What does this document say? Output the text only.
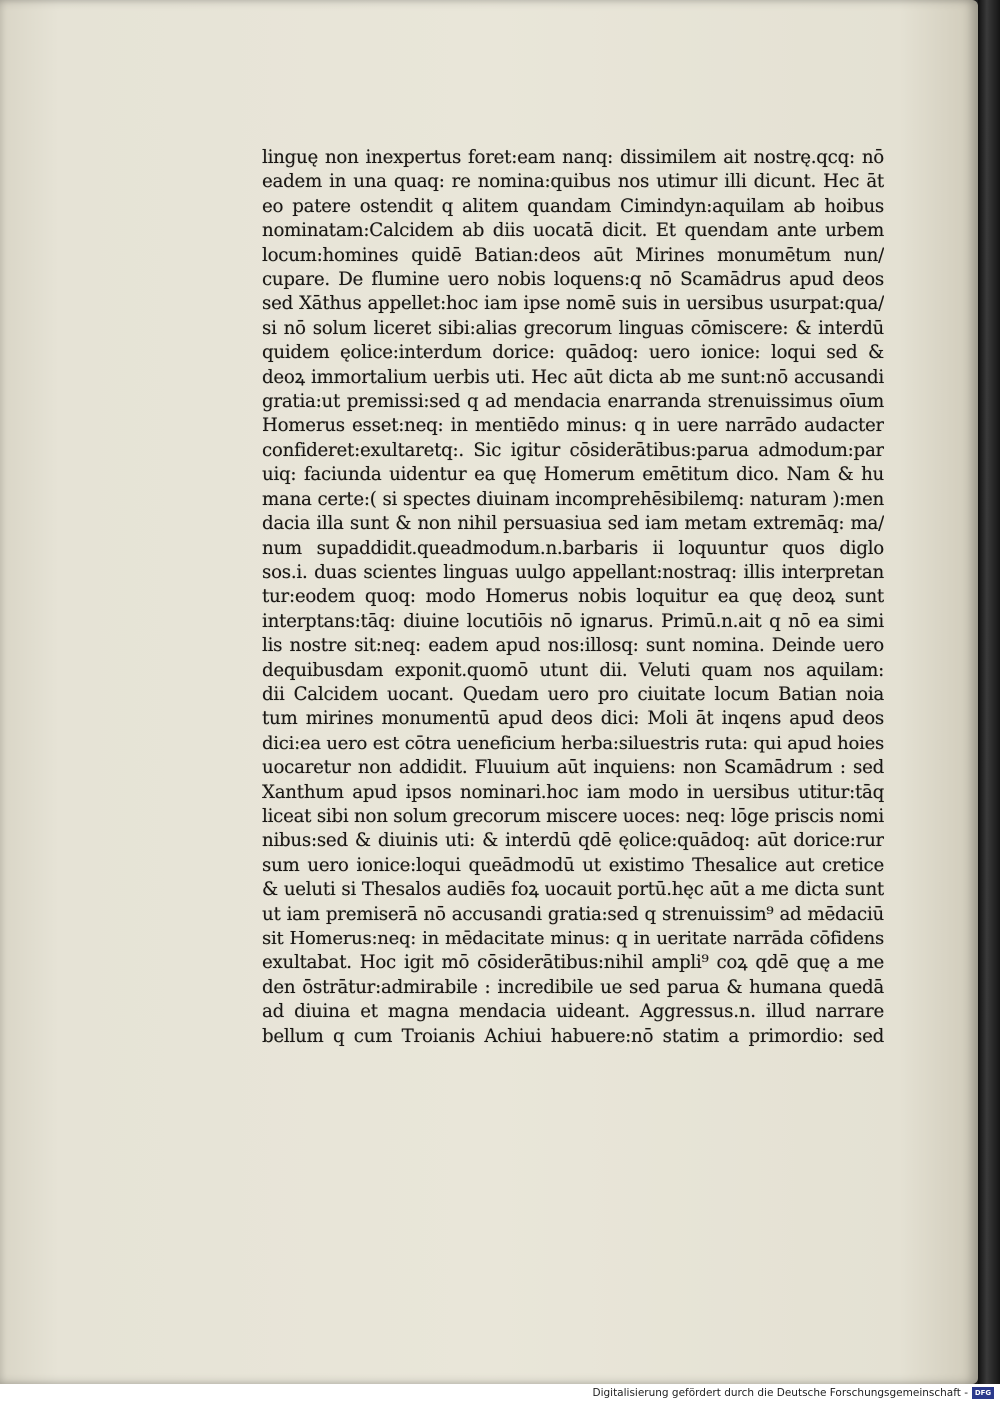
linguę non inexpertus foret:eam nanq: dissimilem ait nostrę.qcq: nō
eadem in una quaq: re nomina:quibus nos utimur illi dicunt. Hec āt
eo patere ostendit q alitem quandam Cimindyn:aquilam ab hoibus
nominatam:Calcidem ab diis uocatā dicit. Et quendam ante urbem
locum:homines quidē Batian:deos aūt Mirines monumētum nun/
cupare. De flumine uero nobis loquens:q nō Scamādrus apud deos
sed Xāthus appellet:hoc iam ipse nomē suis in uersibus usurpat:qua/
si nō solum liceret sibi:alias grecorum linguas cōmiscere: & interdū
quidem ęolice:interdum dorice: quādoq: uero ionice: loqui sed &
deoꝝ immortalium uerbis uti. Hec aūt dicta ab me sunt:nō accusandi
gratia:ut premissi:sed q ad mendacia enarranda strenuissimus oīum
Homerus esset:neq: in mentiēdo minus: q in uere narrādo audacter
confideret:exultaretq:. Sic igitur cōsiderātibus:parua admodum:par
uiq: faciunda uidentur ea quę Homerum emētitum dico. Nam & hu
mana certe:( si spectes diuinam incomprehēsibilemq: naturam ):men
dacia illa sunt & non nihil persuasiua sed iam metam extremāq: ma/
num supaddidit.queadmodum.n.barbaris ii loquuntur quos diglo
sos.i. duas scientes linguas uulgo appellant:nostraq: illis interpretan
tur:eodem quoq: modo Homerus nobis loquitur ea quę deoꝝ sunt
interptans:tāq: diuine locutiōis nō ignarus. Primū.n.ait q nō ea simi
lis nostre sit:neq: eadem apud nos:illosq: sunt nomina. Deinde uero
dequibusdam exponit.quomō utunt dii. Veluti quam nos aquilam:
dii Calcidem uocant. Quedam uero pro ciuitate locum Batian noia
tum mirines monumentū apud deos dici: Moli āt inqens apud deos
dici:ea uero est cōtra ueneficium herba:siluestris ruta: qui apud hoies
uocaretur non addidit. Fluuium aūt inquiens: non Scamādrum : sed
Xanthum apud ipsos nominari.hoc iam modo in uersibus utitur:tāq
liceat sibi non solum grecorum miscere uoces: neq: lōge priscis nomi
nibus:sed & diuinis uti: & interdū qdē ęolice:quādoq: aūt dorice:rur
sum uero ionice:loqui queādmodū ut existimo Thesalice aut cretice
& ueluti si Thesalos audiēs foꝝ uocauit portū.hęc aūt a me dicta sunt
ut iam premiserā nō accusandi gratia:sed q strenuissim⁹ ad mēdaciū
sit Homerus:neq: in mēdacitate minus: q in ueritate narrāda cōfidens
exultabat. Hoc igit mō cōsiderātibus:nihil ampli⁹ coꝝ qdē quę a me
den ōstrātur:admirabile : incredibile ue sed parua & humana quedā
ad diuina et magna mendacia uideant. Aggressus.n. illud narrare
bellum q cum Troianis Achiui habuere:nō statim a primordio: sed
Digitalisierung gefördert durch die Deutsche Forschungsgemeinschaft - DFG
